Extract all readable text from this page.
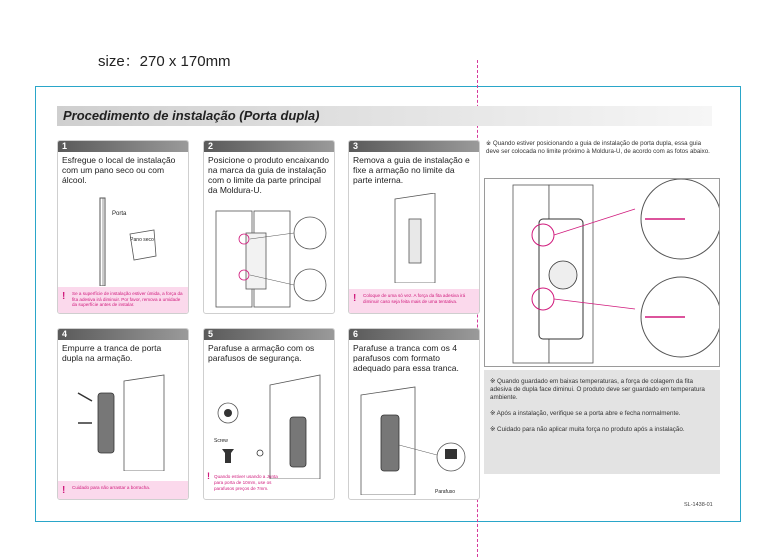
size：270 x 170mm
Procedimento de instalação (Porta dupla)
1
Esfregue o local de instalação com um pano seco ou com álcool.
Porta
Pano seco
! Se a superfície de instalação estiver úmida, a força da fita adesiva irá diminuir. Por favor, remova a umidade da superfície antes de instalar.
2
Posicione o produto encaixando na marca da guia de instalação com o limite da parte principal da Moldura-U.
3
Remova a guia de instalação e fixe a armação no limite da parte interna.
! Coloque de uma só vez. A força da fita adesiva irá diminuir caso seja feita mais de uma tentativa.
4
Empurre a tranca de porta dupla na armação.
! Cuidado para não arrastar a borracha.
5
Parafuse a armação com os parafusos de segurança.
Screw
! Quando estiver usando a Junta para porta de 10mm, use os parafusos preços de 7mm.
6
Parafuse a tranca com os 4 parafusos com formato adequado para essa tranca.
Parafuso
※ Quando estiver posicionando a guia de instalação de porta dupla, essa guia deve ser colocada no limite próximo à Moldura-U, de acordo com as fotos abaixo.

※ Quando guardado em baixas temperaturas, a força de colagem da fita adesiva de dupla face diminui. O produto deve ser guardado em temperatura ambiente.

※ Após a instalação, verifique se a porta abre e fecha normalmente.

※ Cuidado para não aplicar muita força no produto após a instalação.

SL-1438-01
